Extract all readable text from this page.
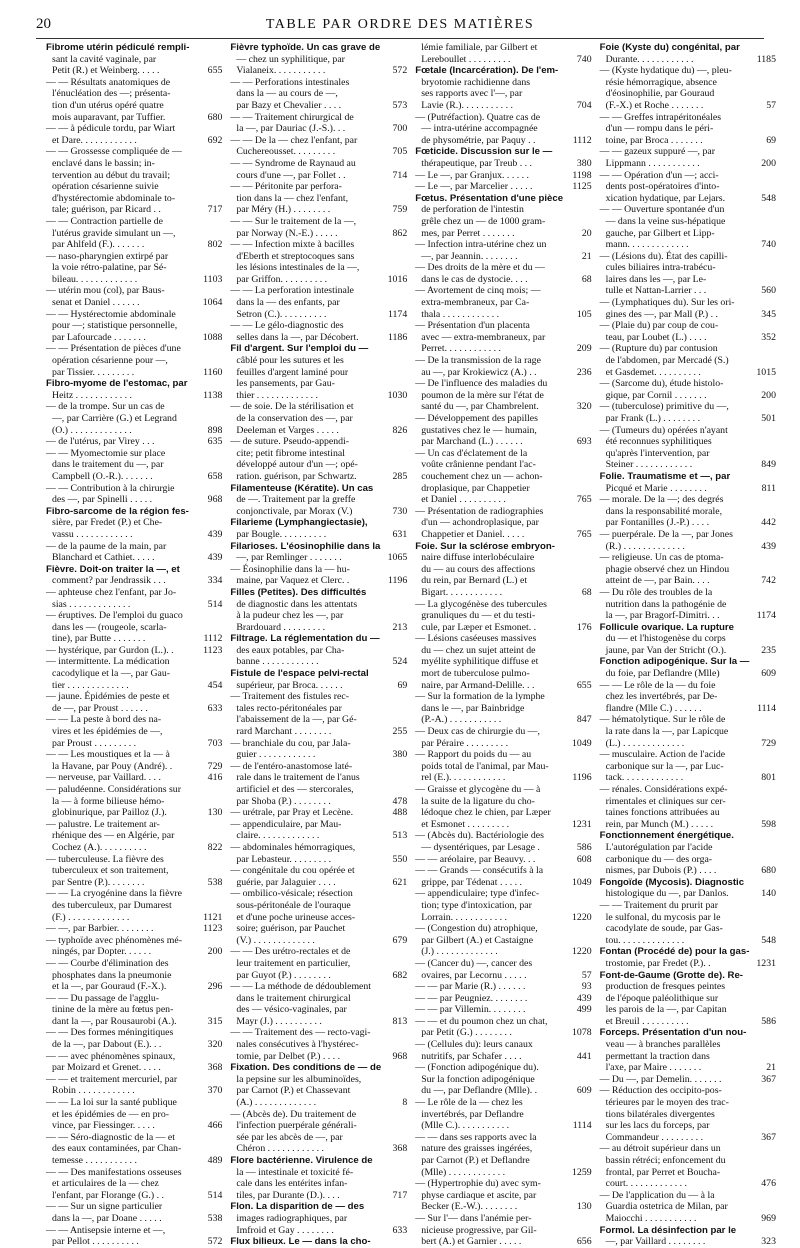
20	TABLE PAR ORDRE DES MATIÈRES
Fibrome utérin pédiculé rempli-
sant la cavité vaginale, par
Petit (R.) et Weinberg. . . . .	655
— — Résultats anatomiques de
l'énucléation des —; présenta-
tion d'un utérus opéré quatre
mois auparavant, par Tuffier.	680
— — à pédicule tordu, par Wiart
et Dare. . . . . . . . . . . .	692
— — Grossesse compliquée de —
enclavé dans le bassin; in-
tervention au début du travail;
opération césarienne suivie
d'hystérectomie abdominale to-
tale; guérison, par Ricard . .	717
— — Contraction partielle de
l'utérus gravide simulant un —,
par Ahlfeld (F.). . . . . . .	802
— naso-pharyngien extirpé par
la voie rétro-palatine, par Sé-
bileau. . . . . . . . . . . . .	1103
— utérin mou (col), par Baus-
senat et Daniel . . . . . .	1064
— — Hystérectomie abdominale
pour —; statistique personnelle,
par Lafourcade . . . . . . .	1088
— — Présentation de pièces d'une
opération césarienne pour —,
par Tissier. . . . . . . . .	1160
Fibro-myome de l'estomac, par
Heitz . . . . . . . . . . . .	1138
— de la trompe. Sur un cas de
—, par Carrière (G.) et Legrand
(O.) . . . . . . . . . . . . .	898
— de l'utérus, par Virey . . .	635
— — Myomectomie sur place
dans le traitement du —, par
Campbell (O.-R.). . . . . . .	658
— — Contribution à la chirurgie
des —, par Spinelli . . . . .	968
Fibro-sarcome de la région fes-
sière, par Fredet (P.) et Che-
vassu . . . . . . . . . . . .	439
— de la paume de la main, par
Blanchard et Cathiet. . . . .	439
Fièvre. Doit-on traiter la —, et
comment? par Jendrassik . . .	334
— aphteuse chez l'enfant, par Jo-
sias . . . . . . . . . . . . .	514
— éruptives. De l'emploi du guaco
dans les — (rougeole, scarla-
tine), par Butte . . . . . . .	1112
— hystérique, par Gurdon (L.). .	1123
— intermittente. La médication
cacodylique et la —, par Gau-
tier . . . . . . . . . . . . .	454
— jaune. Épidémies de peste et
de —, par Proust . . . . . .	633
— — La peste à bord des na-
vires et les épidémies de —,
par Proust . . . . . . . . .	703
— — Les moustiques et la — à
la Havane, par Pouy (André). .	729
— nerveuse, par Vaillard. . . .	416
— paludéenne. Considérations sur
la — à forme bilieuse hémo-
globinurique, par Pailloz (J.).	130
— palustre. Le traitement ar-
rhénique des — en Algérie, par
Cochez (A.). . . . . . . . . .	822
— tuberculeuse. La fièvre des
tuberculeux et son traitement,
par Sentre (P.). . . . . . . .	538
— — La cryogénine dans la fièvre
des tuberculeux, par Dumarest
(F.) . . . . . . . . . . . . .	1121
— —, par Barbier. . . . . . . .	1123
— typhoïde avec phénomènes mé-
ningés, par Dopter. . . . . .	200
— — Courbe d'élimination des
phosphates dans la pneumonie
et la —, par Gouraud (F.-X.).	296
— — Du passage de l'agglu-
tinine de la mère au fœtus pen-
dant la —, par Rousaurobi (A.).	315
— — Des formes méningitiques
de la —, par Dabout (E.). . .	320
— — avec phénomènes spinaux,
par Moizard et Grenet. . . . .	368
— — et traitement mercuriel, par
Robin . . . . . . . . . . . .	370
— — La loi sur la santé publique
et les épidémies de — en pro-
vince, par Fiessinger. . . . .	466
— — Séro-diagnostic de la — et
des eaux contaminées, par Chan-
temesse . . . . . . . . . . .	489
— — Des manifestations osseuses
et articulaires de la — chez
l'enfant, par Florange (G.) . .	514
— — Sur un signe particulier
dans la —, par Doane . . . . .	538
— — Antisepsie interne et —,
par Pellot . . . . . . . . . .	572
Fièvre typhoïde. Un cas grave de
— chez un syphilitique, par
Vialaneix. . . . . . . . . . .	572
— — Perforations intestinales
dans la — au cours de —,
par Bazy et Chevalier . . . .	573
— — Traitement chirurgical de
la —, par Dauriac (J.-S.). . .	700
— — De la — chez l'enfant, par
Cuchereousset. . . . . . . . .	705
— — Syndrome de Raynaud au
cours d'une —, par Follet . .	714
— — Péritonite par perfora-
tion dans la — chez l'enfant,
par Méry (H.) . . . . . . . .	759
— — Sur le traitement de la —,
par Norway (N.-E.) . . . . .	862
— — Infection mixte à bacilles
d'Eberth et streptocoques sans
les lésions intestinales de la —,
par Griffon. . . . . . . . . .	1016
— — La perforation intestinale
dans la — des enfants, par
Setron (C.). . . . . . . . . .	1174
— — Le gélo-diagnostic des
selles dans la —, par Décobert.	1186
Fil d'argent. Sur l'emploi du —
câblé pour les sutures et les
feuilles d'argent laminé pour
les pansements, par Gau-
thier . . . . . . . . . . . . .	1030
— de soie. De la stérilisation et
de la conservation des —, par
Deeleman et Varges . . . . .	826
— de suture. Pseudo-appendi-
cite; petit fibrome intestinal
développé autour d'un —; opé-
ration. guérison, par Schwartz.	285
Filamenteuse (Kératite). Un cas
de —. Traitement par la greffe
conjonctivale, par Morax (V.)	730
Filarieme (Lymphangiectasie),
par Bougle. . . . . . . . . .	631
Filarioses. L'éosinophilie dans la
—, par Remlinger . . . . . . .	1065
— Éosinophilie dans la — hu-
maine, par Vaquez et Clerc. .	1196
Filles (Petites). Des difficultés
de diagnostic dans les attentats
à la pudeur chez les —, par
Brardouard . . . . . . . . .	213
Filtrage. La réglementation du —
des eaux potables, par Cha-
banne . . . . . . . . . . . .	524
Fistule de l'espace pelvi-rectal
supérieur, par Broca. . . . . .	69
— Traitement des fistules rec-
tales recto-péritonéales par
l'abaissement de la —, par Gé-
rard Marchant . . . . . . . .	255
— branchiale du cou, par Jala-
guier . . . . . . . . . . . .	380
— de l'entéro-anastomose laté-
rale dans le traitement de l'anus
artificiel et des — stercorales,
par Shoba (P.) . . . . . . . .	478
— urétrale, par Pray et Lecène.	488
— appendiculaire, par Mau-
claire. . . . . . . . . . . . .	513
— abdominales hémorragiques,
par Lebasteur. . . . . . . . .	550
— congénitale du cou opérée et
guérie, par Jalaguier . . . .	621
— ombilico-vésicale; résection
sous-péritonéale de l'ouraque
et d'une poche urineuse acces-
soire; guérison, par Pauchet
(V.) . . . . . . . . . . . . .	679
— — Des urétro-rectales et de
leur traitement en particulier,
par Guyot (P.) . . . . . . . .	682
— — La méthode de dédoublement
dans le traitement chirurgical
des — vésico-vaginales, par
Mayr (J.) . . . . . . . . . .	813
— — Traitement des — recto-vagi-
nales consécutives à l'hystérec-
tomie, par Delbet (P.) . . . .	968
Fixation. Des conditions de — de
la pepsine sur les albuminoïdes,
par Carnot (P.) et Chassevant
(A.) . . . . . . . . . . . . .	8
— (Abcès de). Du traitement de
l'infection puerpérale générali-
sée par les abcès de —, par
Chéron . . . . . . . . . . . .	368
Flore bactérienne. Virulence de
la — intestinale et toxicité fé-
cale dans les entérites infan-
tiles, par Durante (D.). . . .	717
Flon. La disparition de — des
images radiographiques, par
Imfroid et Gay . . . . . . . .	633
Flux bilieux. Le — dans la cho-
lémie familiale, par Gilbert et
Lereboullet . . . . . . . . .	740
Fœtale (Incarcération). De l'em-
bryotomie rachidienne dans
ses rapports avec l'—, par
Lavie (R.). . . . . . . . . . .	704
— (Putréfaction). Quatre cas de
— intra-utérine accompagnée
de physométrie, par Paquy . .	1112
Fœticide. Discussion sur le —
thérapeutique, par Treub . . .	380
— Le —, par Granjux. . . . . .	1198
— Le —, par Marcelier . . . . .	1125
Fœtus. Présentation d'une pièce
de perforation de l'intestin
grêle chez un — de 1000 gram-
mes, par Perret . . . . . . .	20
— Infection intra-utérine chez un
—, par Jeannin. . . . . . . .	21
— Des droits de la mère et du —
dans le cas de dystocie. . . .	68
— Avortement de cinq mois; —
extra-membraneux, par Ca-
thala . . . . . . . . . . . .	105
— Présentation d'un placenta
avec — extra-membraneux, par
Perret. . . . . . . . . . . .	209
— De la transmission de la rage
au —, par Krokiewicz (A.) . .	236
— De l'influence des maladies du
poumon de la mère sur l'état de
santé du —, par Chambrelent.	320
— Développement des papilles
gustatives chez le — humain,
par Marchand (L.) . . . . . .	693
— Un cas d'éclatement de la
voûte crânienne pendant l'ac-
couchement chez un — achon-
droplasique, par Chappetier
et Daniel . . . . . . . . . .	765
— Présentation de radiographies
d'un — achondroplasique, par
Chappetier et Daniel. . . . .	765
Foie. Sur la sclérose embryon-
naire diffuse interlobéculaire
du — au cours des affections
du rein, par Bernard (L.) et
Bigart. . . . . . . . . . . .	68
— La glycogénèse des tubercules
granuliques du — et du testi-
cule, par Læper et Esmonet. .	176
— Lésions caséeuses massives
du — chez un sujet atteint de
myélite syphilitique diffuse et
mort de tuberculose pulmo-
naire, par Armand-Delille. . .	655
— Sur la formation de la lymphe
dans le —, par Bainbridge
(P.-A.) . . . . . . . . . . .	847
— Deux cas de chirurgie du —,
par Péraire . . . . . . . . .	1049
— Rapport du poids du — au
poids total de l'animal, par Mau-
rel (E.). . . . . . . . . . . .	1196
— Graisse et glycogène du — à
la suite de la ligature du cho-
lédoque chez le chien, par Læper
et Esmonet . . . . . . . . .	1231
— (Abcès du). Bactériologie des
— dysentériques, par Lesage .	586
— — aréolaire, par Beauvy. . .	608
— — Grands — consécutifs à la
grippe, par Tédenat . . . . .	1049
— appendiculaire; type d'infec-
tion; type d'intoxication, par
Lorrain. . . . . . . . . . . .	1220
— (Congestion du) atrophique,
par Gilbert (A.) et Castaigne
(J.) . . . . . . . . . . . . .	1220
— (Cancer du) —, cancer des
ovaires, par Lecornu . . . . .	57
— — par Marie (R.) . . . . . .	93
— — par Peugniez. . . . . . . .	439
— — par Villemin. . . . . . . .	499
— — et du poumon chez un chat,
par Petit (G.) . . . . . . . .	1078
— (Cellules du): leurs canaux
nutritifs, par Schafer . . . .	441
— (Fonction adipogénique du).
Sur la fonction adipogénique
du —, par Deflandre (Mlle). .	609
— Le rôle de la — chez les
invertébrés, par Deflandre
(Mlle C.). . . . . . . . . . .	1114
— — dans ses rapports avec la
nature des graisses ingérées,
par Carnot (P.) et Deflandre
(Mlle) . . . . . . . . . . . .	1259
— (Hypertrophie du) avec sym-
physe cardiaque et ascite, par
Becker (E.-W.). . . . . . . .	130
— Sur l'— dans l'anémie per-
nicieuse progressive, par Gil-
bert (A.) et Garnier . . . . .	656
Foie (Kyste du) congénital, par
Durante. . . . . . . . . . . .	1185
— (Kyste hydatique du) —, pleu-
résie hémorragique, absence
d'éosinophilie, par Gouraud
(F.-X.) et Roche . . . . . . .	57
— — Greffes intrapéritonéales
d'un — rompu dans le péri-
toine, par Broca . . . . . . .	69
— — gazeux suppuré —, par
Lippmann . . . . . . . . . . .	200
— — Opération d'un —; acci-
dents post-opératoires d'into-
xication hydatique, par Lejars.	548
— — Ouverture spontanée d'un
— dans la veine sus-hépatique
gauche, par Gilbert et Lipp-
mann. . . . . . . . . . . . .	740
— (Lésions du). État des capilli-
cules biliaires intra-trabécu-
laires dans les —, par Le-
tulle et Nattan-Larrier . . .	560
— (Lymphatiques du). Sur les ori-
gines des —, par Mall (P.) . .	345
— (Plaie du) par coup de cou-
teau, par Loubet (L.) . . . .	352
— (Rupture du) par contusion
de l'abdomen, par Mercadé (S.)
et Gasdemet. . . . . . . . . .	1015
— (Sarcome du), étude histolo-
gique, par Cornil . . . . . . .	200
— (tuberculose) primitive du —,
par Frank (L.) . . . . . . . .	501
— (Tumeurs du) opérées n'ayant
été reconnues syphilitiques
qu'après l'intervention, par
Steiner . . . . . . . . . . . .	849
Folie. Traumatisme et —, par
Picqué et Marie . . . . . . . .	811
— morale. De la —; des degrés
dans la responsabilité morale,
par Fontanilles (J.-P.) . . . .	442
— puerpérale. De la —, par Jones
(R.) . . . . . . . . . . . . .	439
— religieuse. Un cas de ptoma-
phagie observé chez un Hindou
atteint de —, par Bain. . . .	742
— Du rôle des troubles de la
nutrition dans la pathogénie de
la —, par Bragorf-Dimitri. . .	1174
Follicule ovarique. La rupture
du — et l'histogenèse du corps
jaune, par Van der Stricht (O.).	235
Fonction adipogénique. Sur la —
du foie, par Deflandre (Mlle)	609
— — Le rôle de la — du foie
chez les invertébrés, par De-
flandre (Mlle C.) . . . . . .	1114
— hématolytique. Sur le rôle de
la rate dans la —, par Lapicque
(L.) . . . . . . . . . . . . .	729
— musculaire. Action de l'acide
carbonique sur la —, par Luc-
tack. . . . . . . . . . . . .	801
— rénales. Considérations expé-
rimentales et cliniques sur cer-
taines fonctions attribuées au
rein, par Munch (M.) . . . . .	598
Fonctionnement énergétique.
L'autorégulation par l'acide
carbonique du — des orga-
nismes, par Dubois (P.) . . . .	680
Fongoïde (Mycosis). Diagnostic
histologique du —, par Danlos.	140
— — Traitement du prurit par
le sulfonal, du mycosis par le
cacodylate de soude, par Gas-
tou. . . . . . . . . . . . . .	548
Fontan (Procédé de) pour la gas-
trostomie, par Fredet (P.). .	1231
Font-de-Gaume (Grotte de). Re-
production de fresques peintes
de l'époque paléolithique sur
les parois de la —, par Capitan
et Breuil . . . . . . . . . .	586
Forceps. Présentation d'un nou-
veau — à branches parallèles
permettant la traction dans
l'axe, par Maire . . . . . . .	21
— Du —, par Demelin. . . . . . .	367
— Réduction des occipito-pos-
térieures par le moyen des trac-
tions bilatérales divergentes
sur les lacs du forceps, par
Commandeur . . . . . . . . .	367
— au détroit supérieur dans un
bassin rétréci; enfoncement du
frontal, par Perret et Boucha-
court. . . . . . . . . . . . .	476
— De l'application du — à la
Guardia ostetrica de Milan, par
Maiocchi . . . . . . . . . . .	969
Formol. La désinfection par le
—, par Vaillard . . . . . . . .	323
